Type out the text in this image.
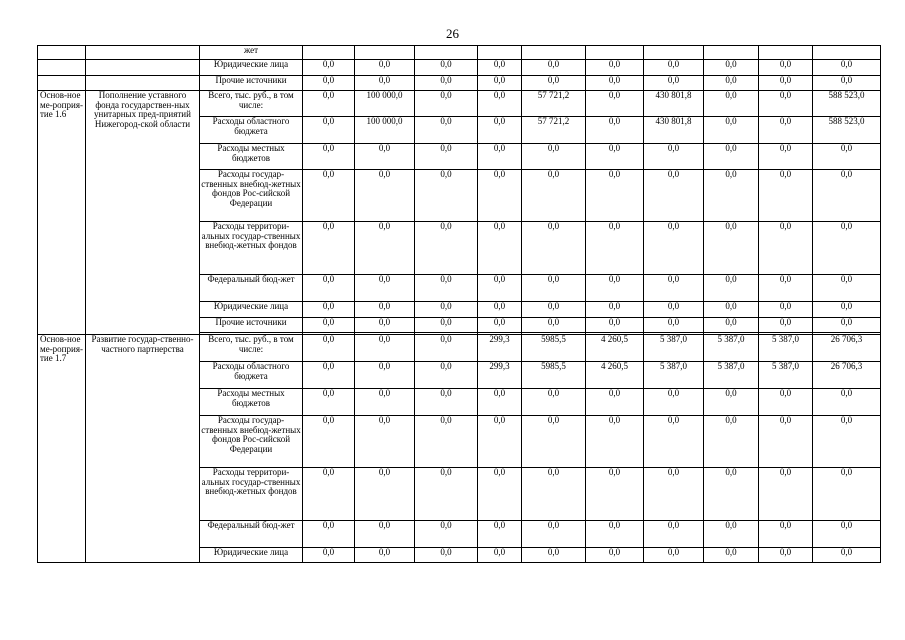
26
		жет										
		Юридические лица	0,0	0,0	0,0	0,0	0,0	0,0	0,0	0,0	0,0	0,0
		Прочие источники	0,0	0,0	0,0	0,0	0,0	0,0	0,0	0,0	0,0	0,0
Основ-ное ме-роприя-тие 1.6	Пополнение уставного фонда государствен-ных унитарных пред-приятий Нижегород-ской области	Всего, тыс. руб., в том числе:	0,0	100 000,0	0,0	0,0	57 721,2	0,0	430 801,8	0,0	0,0	588 523,0
		Расходы областного бюджета	0,0	100 000,0	0,0	0,0	57 721,2	0,0	430 801,8	0,0	0,0	588 523,0
		Расходы местных бюджетов	0,0	0,0	0,0	0,0	0,0	0,0	0,0	0,0	0,0	0,0
		Расходы государ-ственных внебюд-жетных фондов Рос-сийской Федерации	0,0	0,0	0,0	0,0	0,0	0,0	0,0	0,0	0,0	0,0
		Расходы территори-альных государ-ственных внебюд-жетных фондов	0,0	0,0	0,0	0,0	0,0	0,0	0,0	0,0	0,0	0,0
		Федеральный бюд-жет	0,0	0,0	0,0	0,0	0,0	0,0	0,0	0,0	0,0	0,0
		Юридические лица	0,0	0,0	0,0	0,0	0,0	0,0	0,0	0,0	0,0	0,0
		Прочие источники	0,0	0,0	0,0	0,0	0,0	0,0	0,0	0,0	0,0	0,0

Основ-ное ме-роприя-тие 1.7	Развитие государ-ственно-частного партнерства	Всего, тыс. руб., в том числе:	0,0	0,0	0,0	299,3	5985,5	4 260,5	5 387,0	5 387,0	5 387,0	26 706,3
		Расходы областного бюджета	0,0	0,0	0,0	299,3	5985,5	4 260,5	5 387,0	5 387,0	5 387,0	26 706,3
		Расходы местных бюджетов	0,0	0,0	0,0	0,0	0,0	0,0	0,0	0,0	0,0	0,0
		Расходы государ-ственных внебюд-жетных фондов Рос-сийской Федерации	0,0	0,0	0,0	0,0	0,0	0,0	0,0	0,0	0,0	0,0
		Расходы территори-альных государ-ственных внебюд-жетных фондов	0,0	0,0	0,0	0,0	0,0	0,0	0,0	0,0	0,0	0,0
		Федеральный бюд-жет	0,0	0,0	0,0	0,0	0,0	0,0	0,0	0,0	0,0	0,0
		Юридические лица	0,0	0,0	0,0	0,0	0,0	0,0	0,0	0,0	0,0	0,0
